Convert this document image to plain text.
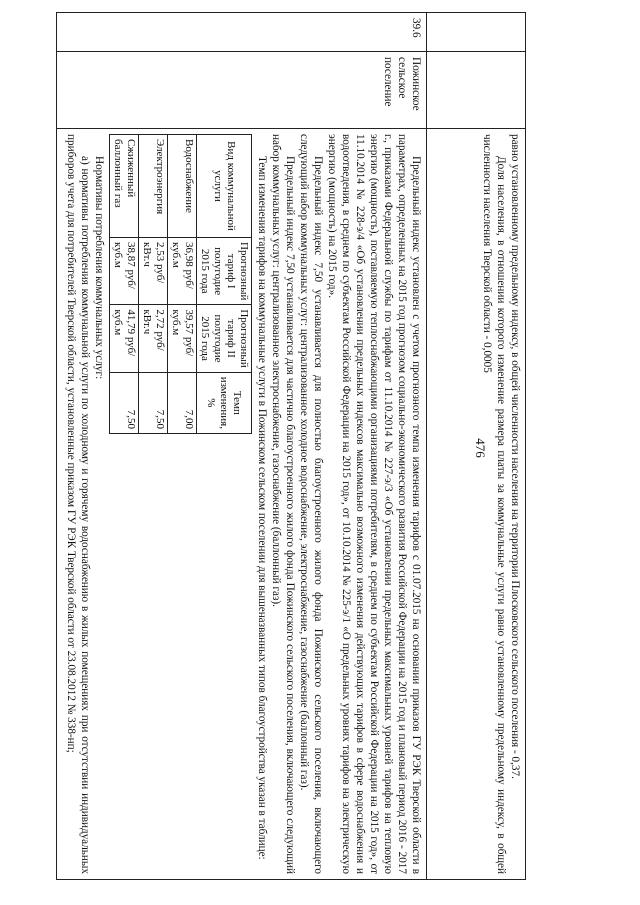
476
		равно установленному предельному индексу, в общей численности населения на территории Плосковского сельского поселения - 0,37.

Доля населения, в отношении которого изменение размера платы за коммунальные услуги равно установленному предельному индексу, в общей численности населения Тверской области - 0,0005

39.6	Пожинское сельское поселение	

Предельный индекс установлен с учетом прогнозного темпа изменения тарифов с 01.07.2015 на основании приказов ГУ РЭК Тверской области в параметрах, определенных на 2015 год прогнозом социально-экономического развития Российской Федерации на 2015 год и плановый период 2016 - 2017 г., приказами Федеральной службы по тарифам от 11.10.2014 № 227-э/3 «Об установлении предельных максимальных уровней тарифов на тепловую энергию (мощность), поставляемую теплоснабжающими организациями потребителям, в среднем по субъектам Российской Федерации на 2015 год», от 11.10.2014 № 228-э/4 «Об установлении предельных индексов максимально возможного изменения действующих тарифов в сфере водоснабжения и водоотведения, в среднем по субъектам Российской Федерации на 2015 год», от 10.10.2014 № 225-э/1 «О предельных уровнях тарифов на электрическую энергию (мощность) на 2015 год».

Предельный индекс 7,50 устанавливается для полностью благоустроенного жилого фонда Пожинского сельского поселения, включающего следующий набор коммунальных услуг: централизованное холодное водоснабжение, электроснабжение, газоснабжение (баллонный газ).

Предельный индекс 7,50 устанавливается для частично благоустроенного жилого фонда Пожинского сельского поселения, включающего следующий набор коммунальных услуг: централизованное электроснабжение, газоснабжение (баллонный газ).

Темп изменения тарифов на коммунальные услуги в Пожинском сельском поселении для вышеназванных типов благоустройства указан в таблице:

Вид коммунальной услуги	Прогнозный тариф I полугодие 2015 года	Прогнозный тариф II полугодие 2015 года	Темп изменения, %
Водоснабжение	36,98 руб/куб.м	39,57 руб/куб.м	7,00
Электроэнергия	2,53 руб/кВт.ч	2,72 руб/кВт.ч	7,50
Сжиженный баллонный газ	38,87 руб/куб.м	41,79 руб/куб.м	7,50

Нормативы потребления коммунальных услуг:

а) нормативы потребления коммунальной услуги по холодному и горячему водоснабжению в жилых помещениях при отсутствии индивидуальных приборов учета для потребителей Тверской области, установленные приказом ГУ РЭК Тверской области от 23.08.2012 № 338-нп;
